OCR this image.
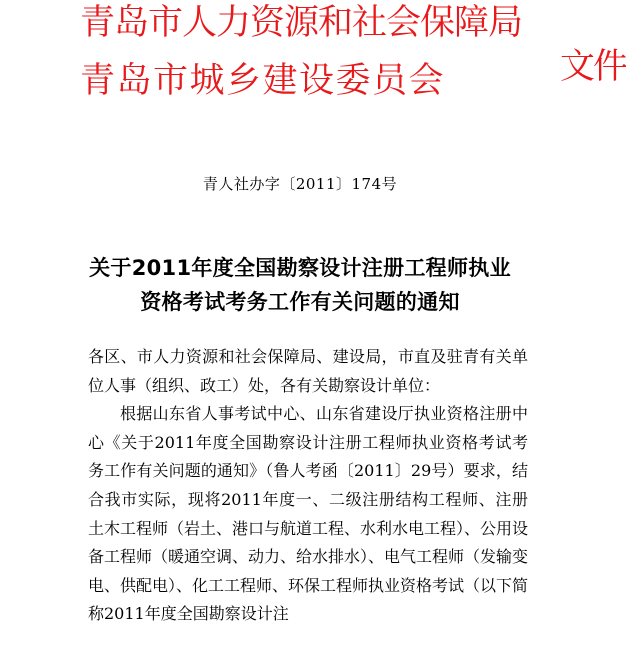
青岛市人力资源和社会保障局
青岛市城乡建设委员会	文件
青人社办字〔2011〕174号
关于2011年度全国勘察设计注册工程师执业
资格考试考务工作有关问题的通知

各区、市人力资源和社会保障局、建设局，市直及驻青有关单位人事（组织、政工）处，各有关勘察设计单位：

根据山东省人事考试中心、山东省建设厅执业资格注册中心《关于2011年度全国勘察设计注册工程师执业资格考试考务工作有关问题的通知》（鲁人考函〔2011〕29号）要求，结合我市实际，现将2011年度一、二级注册结构工程师、注册土木工程师（岩土、港口与航道工程、水利水电工程）、公用设备工程师（暖通空调、动力、给水排水）、电气工程师（发输变电、供配电）、化工工程师、环保工程师执业资格考试（以下简称2011年度全国勘察设计注
